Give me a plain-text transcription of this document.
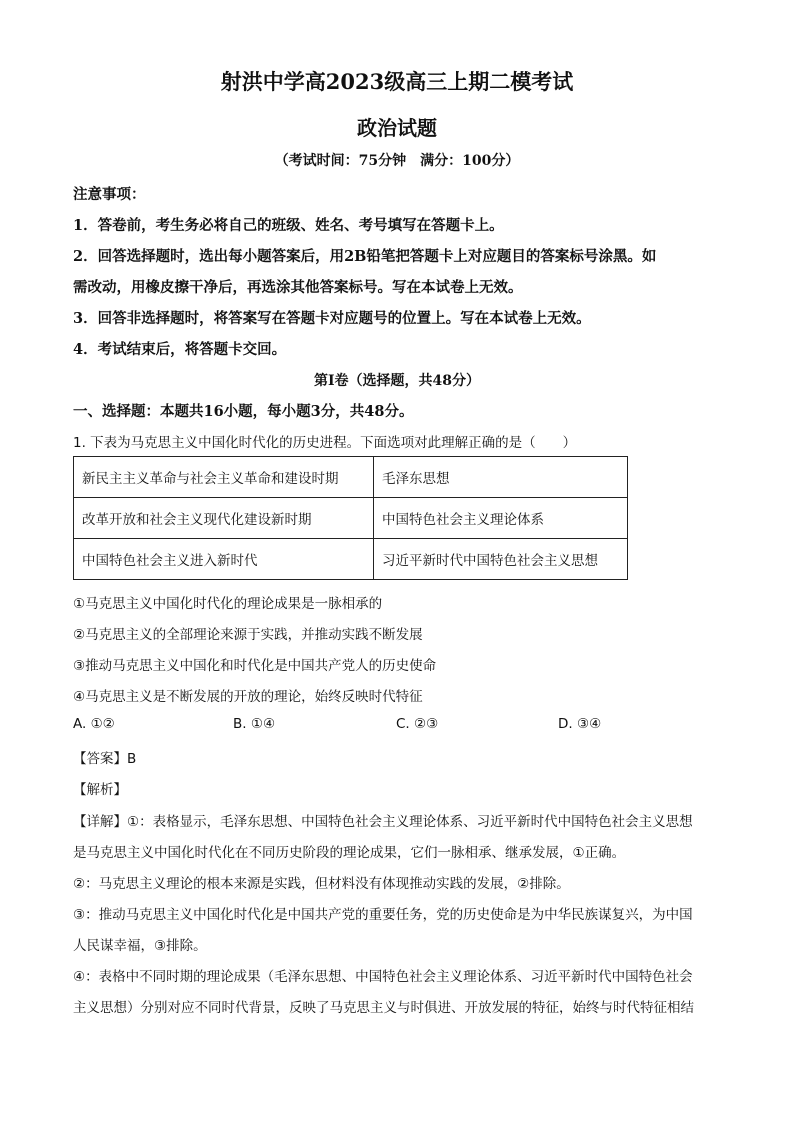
射洪中学高2023级高三上期二模考试
政治试题
（考试时间：75分钟　满分：100分）
注意事项：
1．答卷前，考生务必将自己的班级、姓名、考号填写在答题卡上。
2．回答选择题时，选出每小题答案后，用2B铅笔把答题卡上对应题目的答案标号涂黑。如
需改动，用橡皮擦干净后，再选涂其他答案标号。写在本试卷上无效。
3．回答非选择题时，将答案写在答题卡对应题号的位置上。写在本试卷上无效。
4．考试结束后，将答题卡交回。
第Ⅰ卷（选择题，共48分）
一、选择题：本题共16小题，每小题3分，共48分。
1. 下表为马克思主义中国化时代化的历史进程。下面选项对此理解正确的是（　　）
新民主主义革命与社会主义革命和建设时期	毛泽东思想
改革开放和社会主义现代化建设新时期	中国特色社会主义理论体系
中国特色社会主义进入新时代	习近平新时代中国特色社会主义思想
①马克思主义中国化时代化的理论成果是一脉相承的
②马克思主义的全部理论来源于实践，并推动实践不断发展
③推动马克思主义中国化和时代化是中国共产党人的历史使命
④马克思主义是不断发展的开放的理论，始终反映时代特征
A. ①②	B. ①④	C. ②③	D. ③④
【答案】B
【解析】
【详解】①：表格显示，毛泽东思想、中国特色社会主义理论体系、习近平新时代中国特色社会主义思想
是马克思主义中国化时代化在不同历史阶段的理论成果，它们一脉相承、继承发展，①正确。
②：马克思主义理论的根本来源是实践，但材料没有体现推动实践的发展，②排除。
③：推动马克思主义中国化时代化是中国共产党的重要任务，党的历史使命是为中华民族谋复兴，为中国
人民谋幸福，③排除。
④：表格中不同时期的理论成果（毛泽东思想、中国特色社会主义理论体系、习近平新时代中国特色社会
主义思想）分别对应不同时代背景，反映了马克思主义与时俱进、开放发展的特征，始终与时代特征相结
